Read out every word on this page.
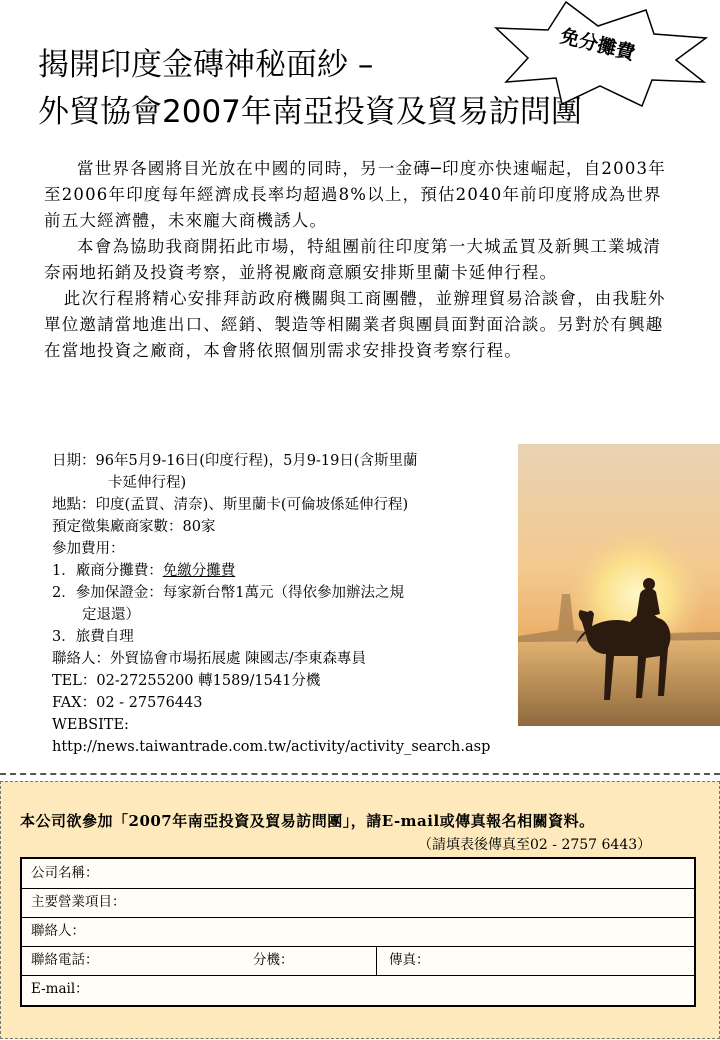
揭開印度金磚神秘面紗 –
外貿協會2007年南亞投資及貿易訪問團
免分攤費

當世界各國將目光放在中國的同時，另一金磚─印度亦快速崛起，自2003年至2006年印度每年經濟成長率均超過8%以上，預估2040年前印度將成為世界前五大經濟體，未來龐大商機誘人。

本會為協助我商開拓此市場，特組團前往印度第一大城孟買及新興工業城清奈兩地拓銷及投資考察，並將視廠商意願安排斯里蘭卡延伸行程。

此次行程將精心安排拜訪政府機關與工商團體，並辦理貿易洽談會，由我駐外單位邀請當地進出口、經銷、製造等相關業者與團員面對面洽談。另對於有興趣在當地投資之廠商，本會將依照個別需求安排投資考察行程。

日期：96年5月9-16日(印度行程)，5月9-19日(含斯里蘭
卡延伸行程)
地點：印度(孟買、清奈)、斯里蘭卡(可倫坡係延伸行程)
預定徵集廠商家數：80家
參加費用：
1．廠商分攤費：免繳分攤費
2．參加保證金：每家新台幣1萬元（得依參加辦法之規
定退還）
3．旅費自理
聯絡人：外貿協會市場拓展處 陳國志/李東森專員
TEL：02-27255200 轉1589/1541分機
FAX：02 - 27576443
WEBSITE:
http://news.taiwantrade.com.tw/activity/activity_search.asp
本公司欲參加「2007年南亞投資及貿易訪問團」，請E-mail或傳真報名相關資料。
（請填表後傳真至02 - 2757 6443）
公司名稱：
主要營業項目：
聯絡人：
聯絡電話：	分機：	傳真：
E-mail：
